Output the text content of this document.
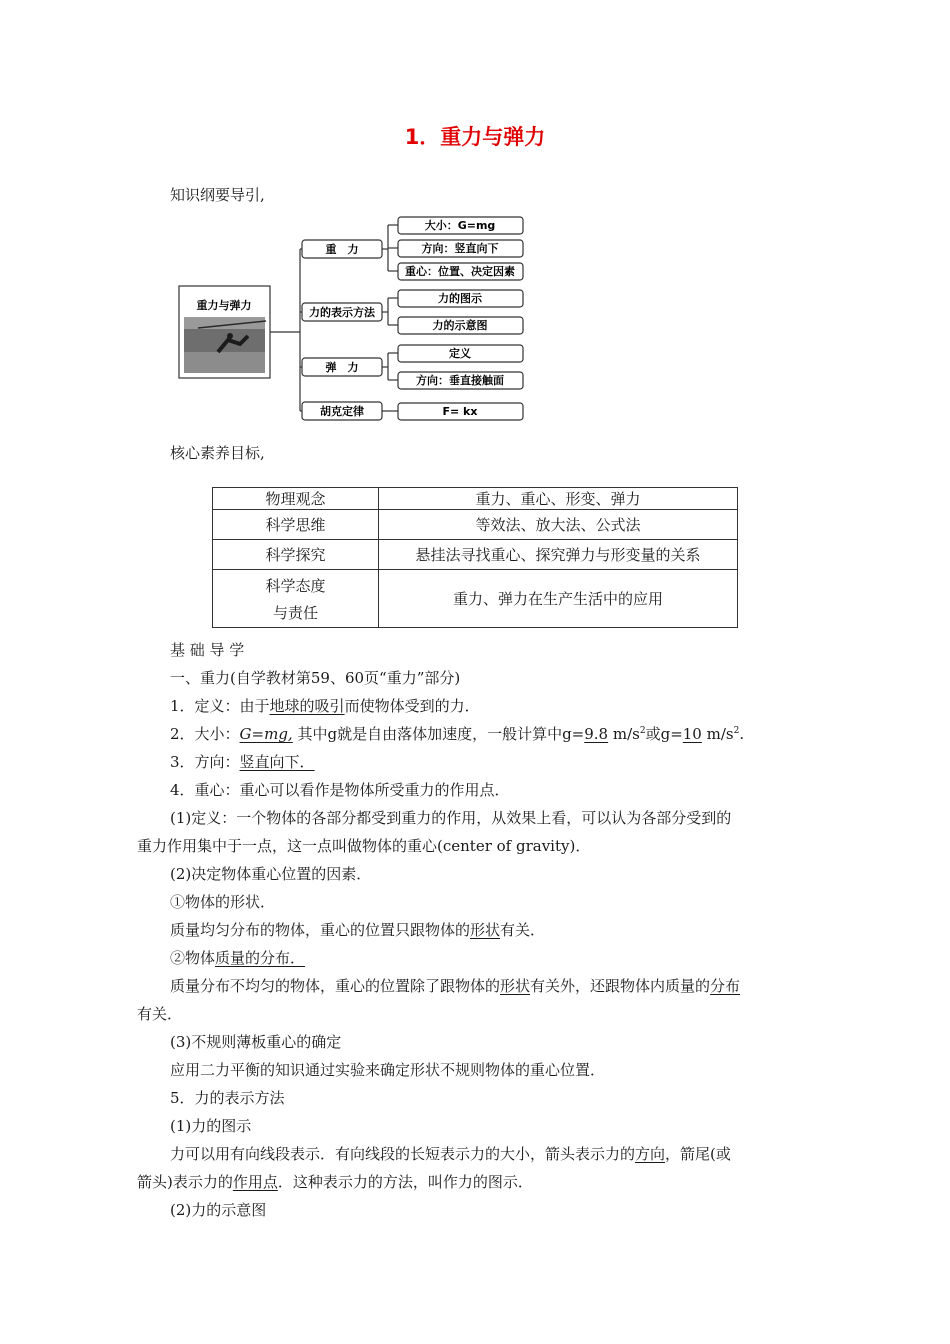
1．重力与弹力
知识纲要导引,
重力与弹力
重　力
大小：G=mg
方向：竖直向下
重心：位置、决定因素
力的表示方法
力的图示
力的示意图
弹　力
定义
方向：垂直接触面
胡克定律	F= kx
核心素养目标,
物理观念	重力、重心、形变、弹力
科学思维	等效法、放大法、公式法
科学探究	悬挂法寻找重心、探究弹力与形变量的关系

科学态度
与责任	重力、弹力在生产生活中的应用
基 础 导 学
一、重力(自学教材第59、60页“重力”部分)
1．定义：由于地球的吸引而使物体受到的力．
2．大小：G=mg, 其中g就是自由落体加速度，一般计算中g=9.8 $m/s^2$或g=10 $m/s^2$.
3．方向：竖直向下．
4．重心：重心可以看作是物体所受重力的作用点．
(1)定义：一个物体的各部分都受到重力的作用，从效果上看，可以认为各部分受到的
重力作用集中于一点，这一点叫做物体的重心(center of gravity)．
(2)决定物体重心位置的因素．
①物体的形状．
质量均匀分布的物体，重心的位置只跟物体的形状有关．
②物体质量的分布．
质量分布不均匀的物体，重心的位置除了跟物体的形状有关外，还跟物体内质量的分布
有关．
(3)不规则薄板重心的确定
应用二力平衡的知识通过实验来确定形状不规则物体的重心位置．
5．力的表示方法
(1)力的图示
力可以用有向线段表示．有向线段的长短表示力的大小，箭头表示力的方向，箭尾(或
箭头)表示力的作用点．这种表示力的方法，叫作力的图示．
(2)力的示意图
